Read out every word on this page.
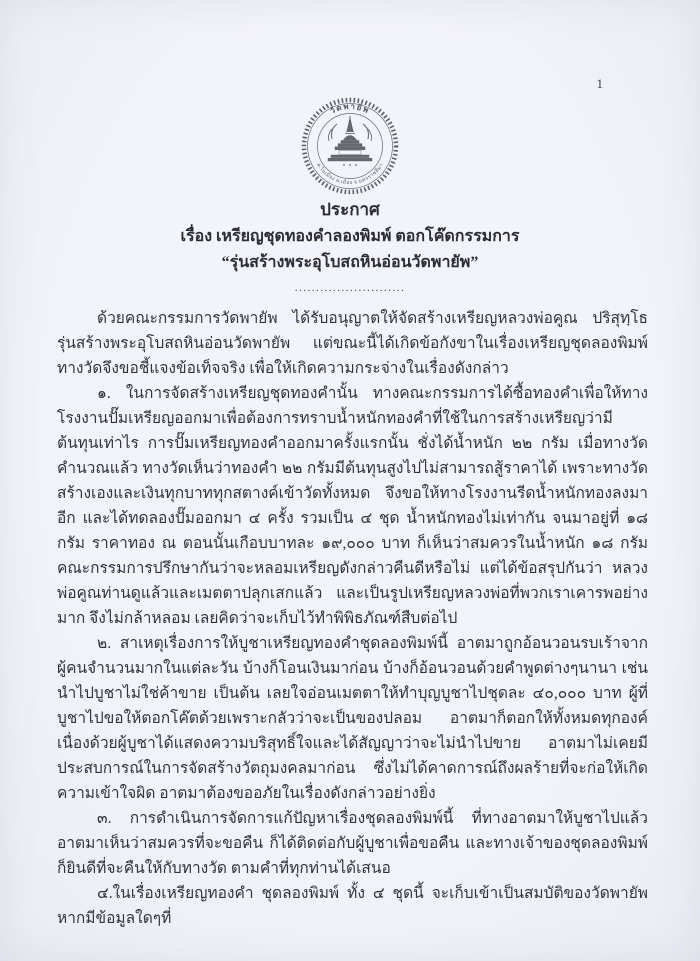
1
วัดพายัพ
ต.ในเมือง อ.เมือง จ.นครราชสีมา
ประกาศ
เรื่อง เหรียญชุดทองคำลองพิมพ์ ตอกโค๊ดกรรมการ
“รุ่นสร้างพระอุโบสถหินอ่อนวัดพายัพ”
..........................

ด้วยคณะกรรมการวัดพายัพ ได้รับอนุญาตให้จัดสร้างเหรียญหลวงพ่อคูณ ปริสุทฺโธ รุ่นสร้างพระอุโบสถหินอ่อนวัดพายัพ แต่ขณะนี้ได้เกิดข้อกังขาในเรื่องเหรียญชุดลองพิมพ์ ทางวัดจึงขอชี้แจงข้อเท็จจริง เพื่อให้เกิดความกระจ่างในเรื่องดังกล่าว

๑. ในการจัดสร้างเหรียญชุดทองคำนั้น ทางคณะกรรมการได้ซื้อทองคำเพื่อให้ทางโรงงานปั๊มเหรียญออกมาเพื่อต้องการทราบน้ำหนักทองคำที่ใช้ในการสร้างเหรียญว่ามีต้นทุนเท่าไร การปั๊มเหรียญทองคำออกมาครั้งแรกนั้น ชั่งได้น้ำหนัก ๒๒ กรัม เมื่อทางวัดคำนวณแล้ว ทางวัดเห็นว่าทองคำ ๒๒ กรัมมีต้นทุนสูงไปไม่สามารถสู้ราคาได้ เพราะทางวัดสร้างเองและเงินทุกบาททุกสตางค์เข้าวัดทั้งหมด จึงขอให้ทางโรงงานรีดน้ำหนักทองลงมาอีก และได้ทดลองปั๊มออกมา ๔ ครั้ง รวมเป็น ๔ ชุด น้ำหนักทองไม่เท่ากัน จนมาอยู่ที่ ๑๘ กรัม ราคาทอง ณ ตอนนั้นเกือบบาทละ ๑๙,๐๐๐ บาท ก็เห็นว่าสมควรในน้ำหนัก ๑๘ กรัม คณะกรรมการปรึกษากันว่าจะหลอมเหรียญดังกล่าวคืนดีหรือไม่ แต่ได้ข้อสรุปกันว่า หลวงพ่อคูณท่านดูแล้วและเมตตาปลุกเสกแล้ว และเป็นรูปเหรียญหลวงพ่อที่พวกเราเคารพอย่างมาก จึงไม่กล้าหลอม เลยคิดว่าจะเก็บไว้ทำพิพิธภัณฑ์สืบต่อไป

๒. สาเหตุเรื่องการให้บูชาเหรียญทองคำชุดลองพิมพ์นี้ อาตมาถูกอ้อนวอนรบเร้าจากผู้คนจำนวนมากในแต่ละวัน บ้างก็โอนเงินมาก่อน บ้างก็อ้อนวอนด้วยคำพูดต่างๆนานา เช่น นำไปบูชาไม่ใช่ค้าขาย เป็นต้น เลยใจอ่อนเมตตาให้ทำบุญบูชาไปชุดละ ๔๐,๐๐๐ บาท ผู้ที่บูชาไปขอให้ตอกโค๊ตด้วยเพราะกลัวว่าจะเป็นของปลอม อาตมาก็ตอกให้ทั้งหมดทุกองค์ เนื่องด้วยผู้บูชาได้แสดงความบริสุทธิ์ใจและได้สัญญาว่าจะไม่นำไปขาย อาตมาไม่เคยมีประสบการณ์ในการจัดสร้างวัตถุมงคลมาก่อน ซึ่งไม่ได้คาดการณ์ถึงผลร้ายที่จะก่อให้เกิดความเข้าใจผิด อาตมาต้องขออภัยในเรื่องดังกล่าวอย่างยิ่ง

๓. การดำเนินการจัดการแก้ปัญหาเรื่องชุดลองพิมพ์นี้ ที่ทางอาตมาให้บูชาไปแล้ว อาตมาเห็นว่าสมควรที่จะขอคืน ก็ได้ติดต่อกับผู้บูชาเพื่อขอคืน และทางเจ้าของชุดลองพิมพ์ ก็ยินดีที่จะคืนให้กับทางวัด ตามคำที่ทุกท่านได้เสนอ

๔.ในเรื่องเหรียญทองคำ ชุดลองพิมพ์ ทั้ง ๔ ชุดนี้ จะเก็บเข้าเป็นสมบัติของวัดพายัพ หากมีข้อมูลใดๆที่
